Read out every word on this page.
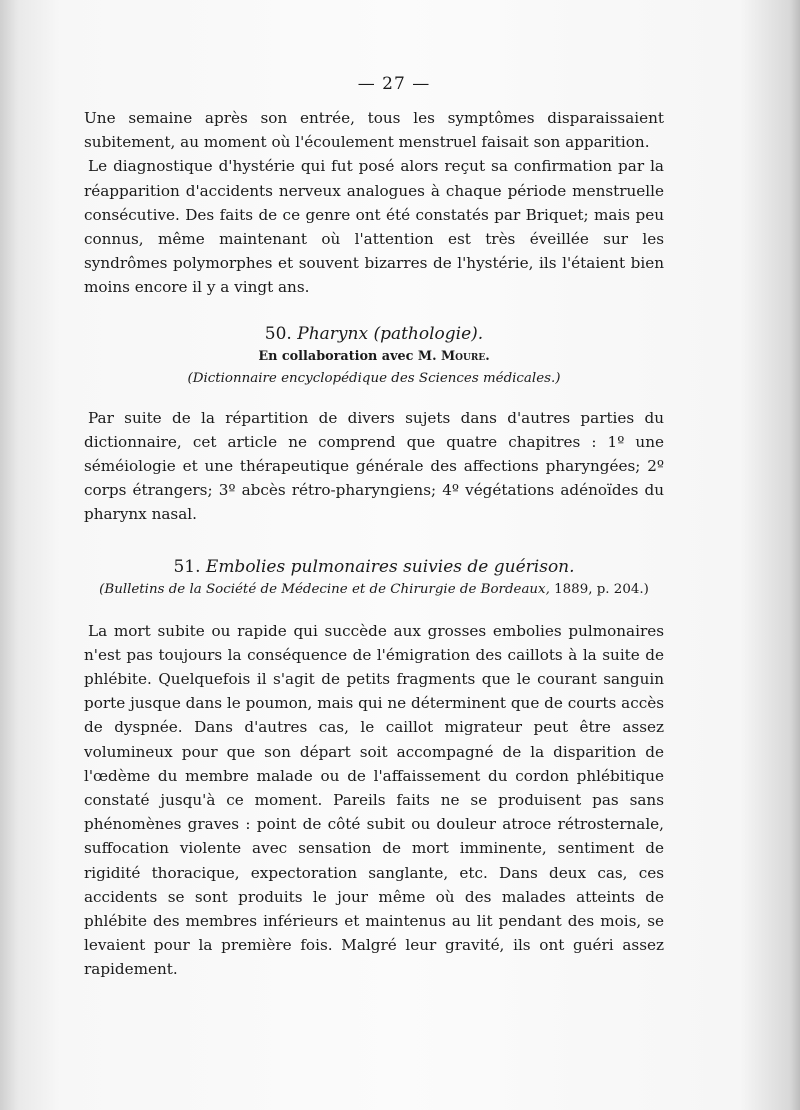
— 27 —

Une semaine après son entrée, tous les symptômes disparaissaient subitement, au moment où l'écoulement menstruel faisait son apparition.

Le diagnostique d'hystérie qui fut posé alors reçut sa confirmation par la réapparition d'accidents nerveux analogues à chaque période menstruelle consécutive. Des faits de ce genre ont été constatés par Briquet; mais peu connus, même maintenant où l'attention est très éveillée sur les syndrômes polymorphes et souvent bizarres de l'hystérie, ils l'étaient bien moins encore il y a vingt ans.

50. Pharynx (pathologie).
En collaboration avec M. Moure.
(Dictionnaire encyclopédique des Sciences médicales.)

Par suite de la répartition de divers sujets dans d'autres parties du dictionnaire, cet article ne comprend que quatre chapitres : 1º une séméiologie et une thérapeutique générale des affections pharyngées; 2º corps étrangers; 3º abcès rétro-pharyngiens; 4º végétations adénoïdes du pharynx nasal.

51. Embolies pulmonaires suivies de guérison.
(Bulletins de la Société de Médecine et de Chirurgie de Bordeaux, 1889, p. 204.)

La mort subite ou rapide qui succède aux grosses embolies pulmonaires n'est pas toujours la conséquence de l'émigration des caillots à la suite de phlébite. Quelquefois il s'agit de petits fragments que le courant sanguin porte jusque dans le poumon, mais qui ne déterminent que de courts accès de dyspnée. Dans d'autres cas, le caillot migrateur peut être assez volumineux pour que son départ soit accompagné de la disparition de l'œdème du membre malade ou de l'affaissement du cordon phlébitique constaté jusqu'à ce moment. Pareils faits ne se produisent pas sans phénomènes graves : point de côté subit ou douleur atroce rétrosternale, suffocation violente avec sensation de mort imminente, sentiment de rigidité thoracique, expectoration sanglante, etc. Dans deux cas, ces accidents se sont produits le jour même où des malades atteints de phlébite des membres inférieurs et maintenus au lit pendant des mois, se levaient pour la première fois. Malgré leur gravité, ils ont guéri assez rapidement.
